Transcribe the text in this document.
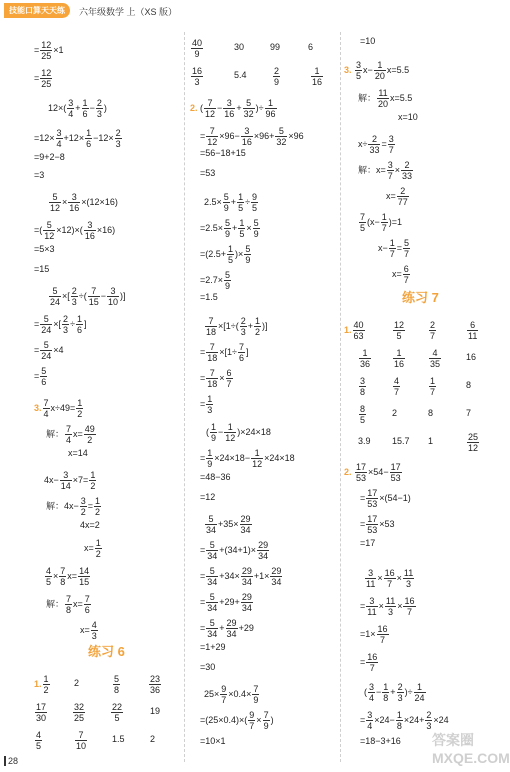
技能口算天天练	六年级数学 上（XS 版）
= $\frac{12}{25} \times 1$
= $\frac{12}{25}$
$12\times( \frac{3}{4} + \frac{1}{6} - \frac{2}{3}$ )
$=12\times \frac{3}{4} +12\times \frac{1}{6} -12\times \frac{2}{3}$
=9+2−8
=3
$\frac{5}{12} \times \frac{3}{16} \times(12\times 16)$
=( $\frac{5}{12} \times 12)\times( \frac{3}{16} \times 16)$
=5×3
=15
$\frac{5}{24}$ ×[ $\frac{2}{3}$ ÷( $\frac{7}{15} - \frac{3}{10}$ )]
= $\frac{5}{24}$ ×[ $\frac{2}{3} \div \frac{1}{6}$ ]
= $\frac{5}{24} \times 4$
= $\frac{5}{6}$
3. $\frac{7}{4} x\div 49= \frac{1}{2}$
解： $\frac{7}{4} x= \frac{49}{2}$
x=14
$4x- \frac{3}{14} \times 7= \frac{1}{2}$
解：$4x- \frac{3}{2} = \frac{1}{2}$
4x=2
$x= \frac{1}{2}$
$\frac{4}{5} \times \frac{7}{8} x= \frac{14}{15}$
解： $\frac{7}{8} x= \frac{7}{6}$
$x= \frac{4}{3}$
练习 6
1. $\frac{1}{2}$	2	$\frac{5}{8}$	$\frac{23}{36}$
$\frac{17}{30}$	$\frac{32}{25}$	$\frac{22}{5}$	19
$\frac{4}{5}$	$\frac{7}{10}$	1.5	2
$\frac{40}{9}$	30	99	6
$\frac{16}{3}$	5.4	$\frac{2}{9}$	$\frac{1}{16}$
2. ( $\frac{7}{12} - \frac{3}{16} + \frac{5}{32}$ )÷ $\frac{1}{96}$
= $\frac{7}{12} \times 96- \frac{3}{16} \times 96+ \frac{5}{32} \times 96$
=56−18+15
=53
$2.5\times \frac{5}{9} + \frac{1}{5} \div \frac{9}{5}$
$=2.5\times \frac{5}{9} + \frac{1}{5} \times \frac{5}{9}$
$=(2.5+ \frac{1}{5}$ )× $\frac{5}{9}$
$=2.7\times \frac{5}{9}$
=1.5
$\frac{7}{18} \times[1\div( \frac{2}{3} + \frac{1}{2}$ )]
= $\frac{7}{18} \times[1\div \frac{7}{6}$ ]
= $\frac{7}{18} \times \frac{6}{7}$
= $\frac{1}{3}$
( $\frac{1}{9} - \frac{1}{12} )\times 24\times 18$
= $\frac{1}{9} \times 24\times 18- \frac{1}{12} \times 24\times 18$
=48−36
=12
$\frac{5}{34} +35\times \frac{29}{34}$
= $\frac{5}{34} +(34+1)\times \frac{29}{34}$
= $\frac{5}{34} +34\times \frac{29}{34} +1\times \frac{29}{34}$
= $\frac{5}{34} +29+ \frac{29}{34}$
= $\frac{5}{34} + \frac{29}{34} +29$
=1+29
=30
$25\times \frac{9}{7} \times 0.4\times \frac{7}{9}$
$=(25\times 0.4)\times( \frac{9}{7} \times \frac{7}{9}$ )
=10×1
=10
3. $\frac{3}{5} x- \frac{1}{20} x=5.5$
解： $\frac{11}{20} x=5.5$
x=10
$x\div \frac{2}{33} = \frac{3}{7}$
解：$x= \frac{3}{7} \times \frac{2}{33}$
$x= \frac{2}{77}$
$\frac{7}{5} (x- \frac{1}{7} )=1$
$x- \frac{1}{7} = \frac{5}{7}$
$x= \frac{6}{7}$
练习 7
1. $\frac{40}{63}$	$\frac{12}{5}$	$\frac{2}{7}$	$\frac{6}{11}$
$\frac{1}{36} \frac{1}{16}$	$\frac{4}{35}$	16
$\frac{3}{8}$	$\frac{4}{7}$	$\frac{1}{7}$	8
$\frac{8}{5}$	2	8	7
3.9 15.7 1	$\frac{25}{12}$
2. $\frac{17}{53} \times 54- \frac{17}{53}$
= $\frac{17}{53} \times(54-1)$
= $\frac{17}{53} \times 53$
=17
$\frac{3}{11} \times \frac{16}{7} \times \frac{11}{3}$
= $\frac{3}{11} \times \frac{11}{3} \times \frac{16}{7}$
$=1\times \frac{16}{7}$
= $\frac{16}{7}$
( $\frac{3}{4} - \frac{1}{8} + \frac{2}{3}$ )÷ $\frac{1}{24}$
= $\frac{3}{4} \times 24- \frac{1}{8} \times 24+ \frac{2}{3} \times 24$
=18−3+16
28
答案圈 MXQE.COM
